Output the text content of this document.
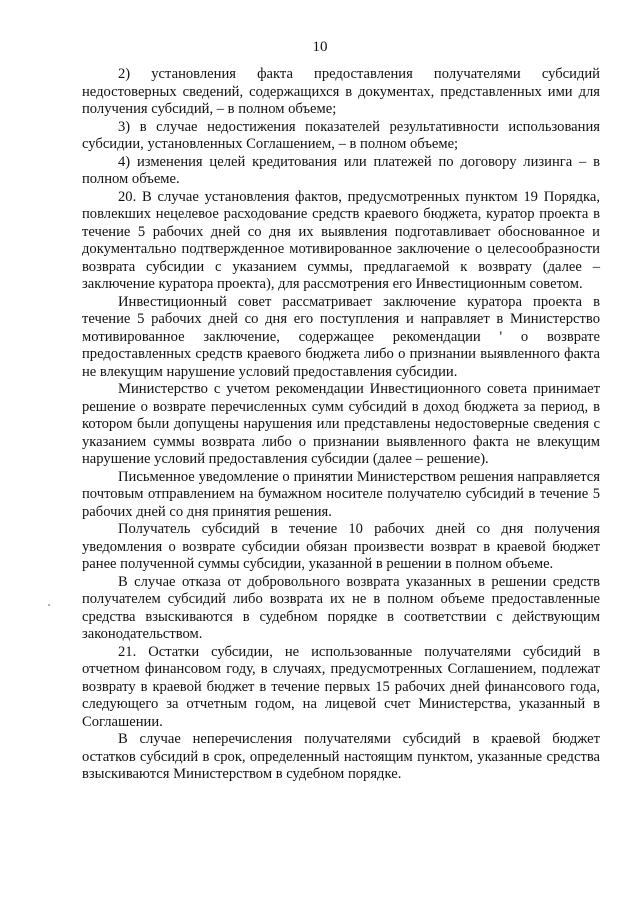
10

2) установления факта предоставления получателями субсидий недостоверных сведений, содержащихся в документах, представленных ими для получения субсидий, – в полном объеме;

3) в случае недостижения показателей результативности использования субсидии, установленных Соглашением, – в полном объеме;

4) изменения целей кредитования или платежей по договору лизинга – в полном объеме.

20. В случае установления фактов, предусмотренных пунктом 19 Порядка, повлекших нецелевое расходование средств краевого бюджета, куратор проекта в течение 5 рабочих дней со дня их выявления подготавливает обоснованное и документально подтвержденное мотивированное заключение о целесообразности возврата субсидии с указанием суммы, предлагаемой к возврату (далее – заключение куратора проекта), для рассмотрения его Инвестиционным советом.

Инвестиционный совет рассматривает заключение куратора проекта в течение 5 рабочих дней со дня его поступления и направляет в Министерство мотивированное заключение, содержащее рекомендации ' о возврате предоставленных средств краевого бюджета либо о признании выявленного факта не влекущим нарушение условий предоставления субсидии.

Министерство с учетом рекомендации Инвестиционного совета принимает решение о возврате перечисленных сумм субсидий в доход бюджета за период, в котором были допущены нарушения или представлены недостоверные сведения с указанием суммы возврата либо о признании выявленного факта не влекущим нарушение условий предоставления субсидии (далее – решение).

Письменное уведомление о принятии Министерством решения направляется почтовым отправлением на бумажном носителе получателю субсидий в течение 5 рабочих дней со дня принятия решения.

Получатель субсидий в течение 10 рабочих дней со дня получения уведомления о возврате субсидии обязан произвести возврат в краевой бюджет ранее полученной суммы субсидии, указанной в решении в полном объеме.

В случае отказа от добровольного возврата указанных в решении средств получателем субсидий либо возврата их не в полном объеме предоставленные средства взыскиваются в судебном порядке в соответствии с действующим законодательством.

21. Остатки субсидии, не использованные получателями субсидий в отчетном финансовом году, в случаях, предусмотренных Соглашением, подлежат возврату в краевой бюджет в течение первых 15 рабочих дней финансового года, следующего за отчетным годом, на лицевой счет Министерства, указанный в Соглашении.

В случае неперечисления получателями субсидий в краевой бюджет остатков субсидий в срок, определенный настоящим пунктом, указанные средства взыскиваются Министерством в судебном порядке.
